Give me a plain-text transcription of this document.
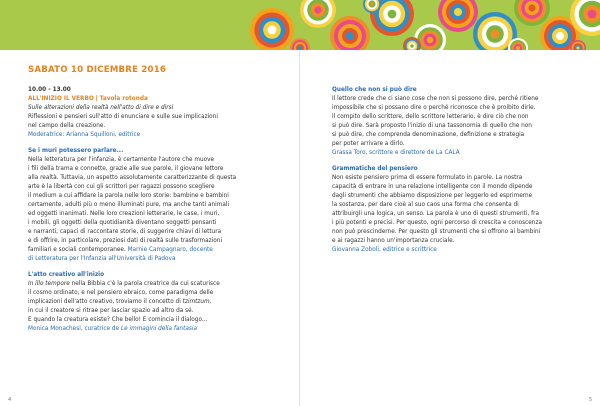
SABATO 10 DICEMBRE 2016

10.00 - 13.00

ALL'INIZIO IL VERBO | Tavola rotonda

Sulle alterazioni della realtà nell'atto di dire e dirsi

Riflessioni e pensieri sull'atto di enunciare e sulle sue implicazioni

nel campo della creazione.

Moderatrice: Arianna Squilloni, editrice

Se i muri potessero parlare...

Nella letteratura per l'infanzia, è certamente l'autore che muove

i fili della trama e connette, grazie alle sue parole, il giovane lettore

alla realtà. Tuttavia, un aspetto assolutamente caratterizzante di questa

arte è la libertà con cui gli scrittori per ragazzi possono scegliere

il medium a cui affidare la parola nelle loro storie: bambine e bambini

certamente, adulti più o meno illuminati pure, ma anche tanti animali

ed oggetti inanimati. Nelle loro creazioni letterarie, le case, i muri,

i mobili, gli oggetti della quotidianità diventano soggetti pensanti

e narranti, capaci di raccontare storie, di suggerire chiavi di lettura

e di offrire, in particolare, preziosi dati di realtà sulle trasformazioni

familiari e sociali contemporanee. Marnie Campagnaro, docente

di Letteratura per l'Infanzia all'Università di Padova

L'atto creativo all'inizio

In illo tempore nella Bibbia c'è la parola creatrice da cui scaturisce

il cosmo ordinato, e nel pensiero ebraico, come paradigma delle

implicazioni dell'atto creativo, troviamo il concetto di tzimtzum,

in cui il creatore si ritrae per lasciar spazio ad altro da sé.

E quando la creatura esiste? Che bello! E comincia il dialogo...

Monica Monachesi, curatrice de Le immagini della fantasia

4

Quello che non si può dire

Il lettore crede che ci siano cose che non si possono dire, perché ritiene

impossibile che si possano dire o perché riconosce che è proibito dirle.

Il compito dello scrittore, dello scrittore letterario, è dire ciò che non

si può dire. Sarà proposto l'inizio di una tassonomia di quello che non

si può dire, che comprenda denominazione, definizione e strategia

per poter arrivare a dirlo.

Grassa Toro, scrittore e direttore de La CALA

Grammatiche del pensiero

Non esiste pensiero prima di essere formulato in parole. La nostra

capacità di entrare in una relazione intelligente con il mondo dipende

dagli strumenti che abbiamo disposizione per leggerlo ed esprimerne

la sostanza, per dare cioè al suo caos una forma che consenta di

attribuirgli una logica, un senso. La parola è uno di questi strumenti, fra

i più potenti e precisi. Per questo, ogni percorso di crescita e conoscenza

non può prescinderne. Per questo gli strumenti che si offrono ai bambini

e ai ragazzi hanno un'importanza cruciale.

Giovanna Zoboli, editrice e scrittrice

5
